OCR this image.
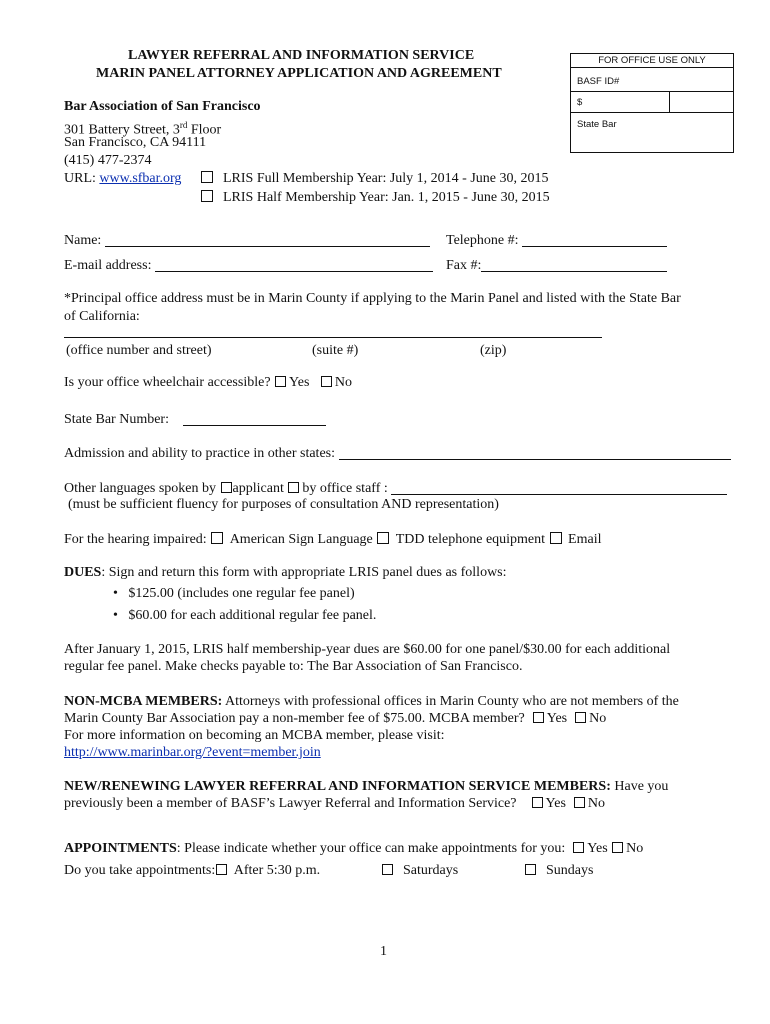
LAWYER REFERRAL AND INFORMATION SERVICE
MARIN PANEL ATTORNEY APPLICATION AND AGREEMENT
FOR OFFICE USE ONLY
BASF ID#
$
State Bar
Bar Association of San Francisco
301 Battery Street, 3rd Floor
San Francisco, CA 94111
(415) 477-2374
URL: www.sfbar.org	LRIS Full Membership Year: July 1, 2014 - June 30, 2015
LRIS Half Membership Year: Jan. 1, 2015 - June 30, 2015
Name:	Telephone #:
E-mail address:	Fax #:
*Principal office address must be in Marin County if applying to the Marin Panel and listed with the State Bar
of California:
(office number and street)	(suite #)	(zip)
Is your office wheelchair accessible? Yes No
State Bar Number:
Admission and ability to practice in other states:
Other languages spoken by applicant by office staff :
(must be sufficient fluency for purposes of consultation AND representation)
For the hearing impaired: American Sign Language TDD telephone equipment Email
DUES: Sign and return this form with appropriate LRIS panel dues as follows:
•   $125.00 (includes one regular fee panel)
•   $60.00 for each additional regular fee panel.
After January 1, 2015, LRIS half membership-year dues are $60.00 for one panel/$30.00 for each additional
regular fee panel. Make checks payable to: The Bar Association of San Francisco.
NON-MCBA MEMBERS: Attorneys with professional offices in Marin County who are not members of the
Marin County Bar Association pay a non-member fee of $75.00. MCBA member? Yes No
For more information on becoming an MCBA member, please visit:
http://www.marinbar.org/?event=member.join
NEW/RENEWING LAWYER REFERRAL AND INFORMATION SERVICE MEMBERS: Have you
previously been a member of BASF’s Lawyer Referral and Information Service? Yes No
APPOINTMENTS: Please indicate whether your office can make appointments for you: Yes No
Do you take appointments: After 5:30 p.m.	Saturdays	Sundays
1
